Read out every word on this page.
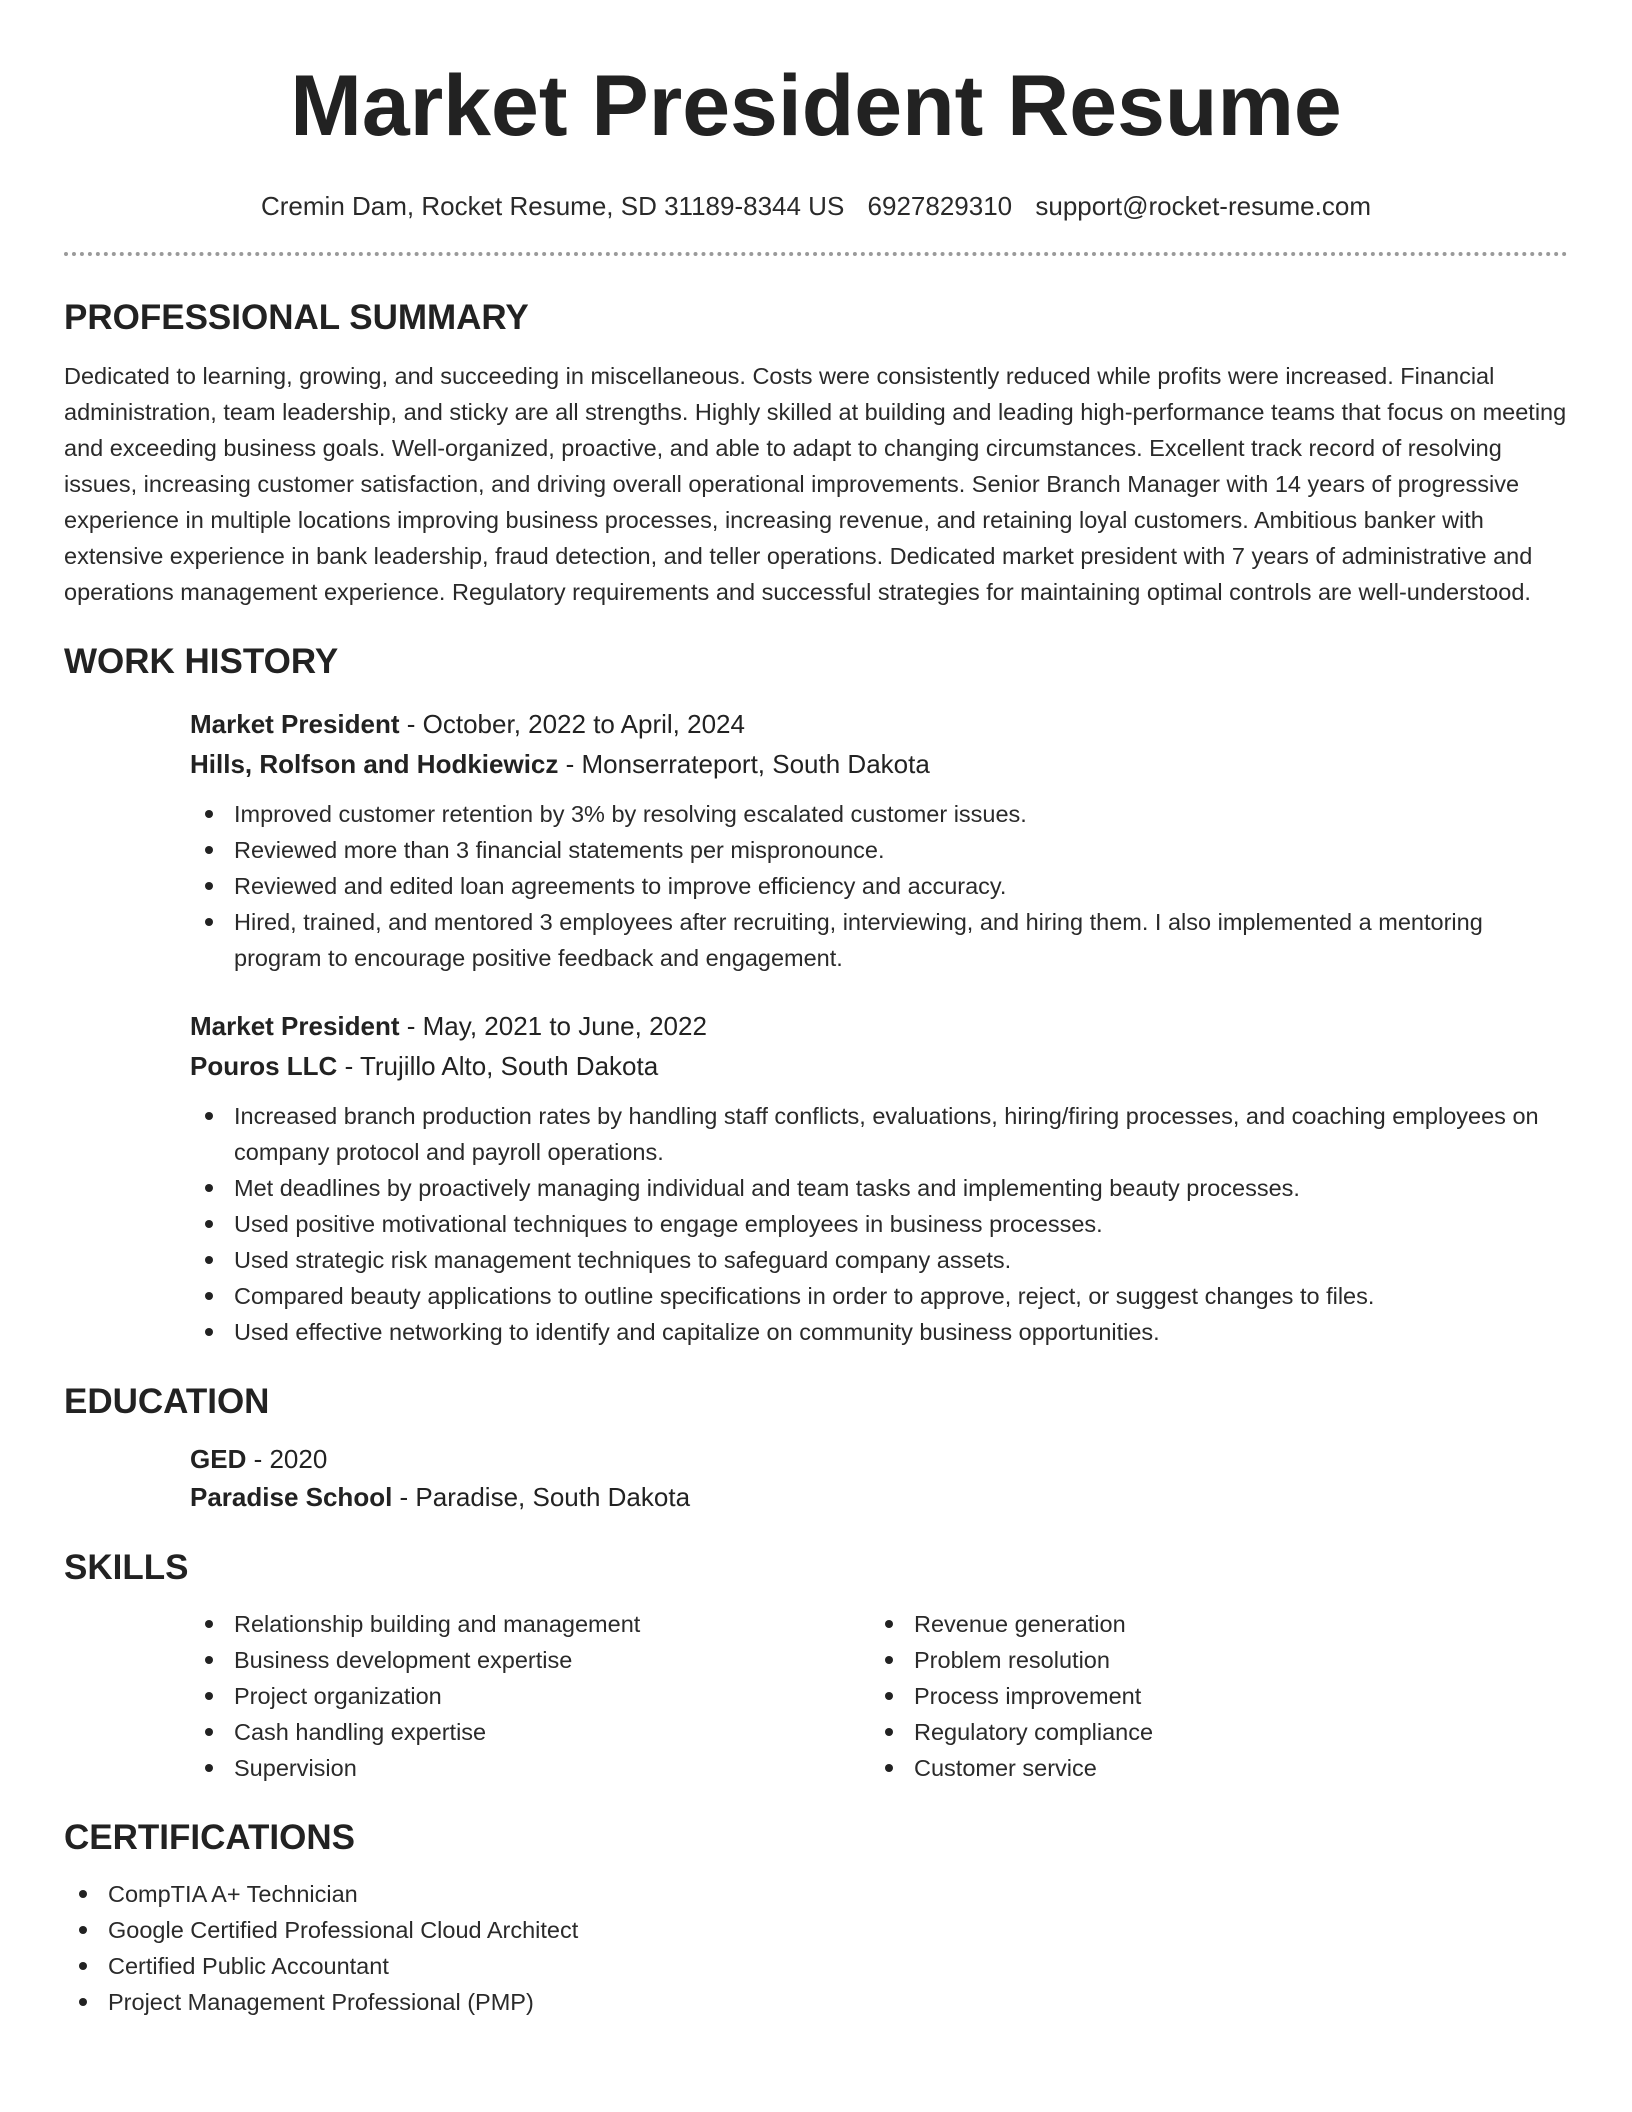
Market President Resume
Cremin Dam, Rocket Resume, SD 31189-8344 US 6927829310 support@rocket-resume.com
PROFESSIONAL SUMMARY

Dedicated to learning, growing, and succeeding in miscellaneous. Costs were consistently reduced while profits were increased. Financial administration, team leadership, and sticky are all strengths. Highly skilled at building and leading high-performance teams that focus on meeting and exceeding business goals. Well-organized, proactive, and able to adapt to changing circumstances. Excellent track record of resolving issues, increasing customer satisfaction, and driving overall operational improvements. Senior Branch Manager with 14 years of progressive experience in multiple locations improving business processes, increasing revenue, and retaining loyal customers. Ambitious banker with extensive experience in bank leadership, fraud detection, and teller operations. Dedicated market president with 7 years of administrative and operations management experience. Regulatory requirements and successful strategies for maintaining optimal controls are well-understood.

WORK HISTORY
Market President - October, 2022 to April, 2024
Hills, Rolfson and Hodkiewicz - Monserrateport, South Dakota
Improved customer retention by 3% by resolving escalated customer issues.
Reviewed more than 3 financial statements per mispronounce.
Reviewed and edited loan agreements to improve efficiency and accuracy.
Hired, trained, and mentored 3 employees after recruiting, interviewing, and hiring them. I also implemented a mentoring program to encourage positive feedback and engagement.
Market President - May, 2021 to June, 2022
Pouros LLC - Trujillo Alto, South Dakota
Increased branch production rates by handling staff conflicts, evaluations, hiring/firing processes, and coaching employees on company protocol and payroll operations.
Met deadlines by proactively managing individual and team tasks and implementing beauty processes.
Used positive motivational techniques to engage employees in business processes.
Used strategic risk management techniques to safeguard company assets.
Compared beauty applications to outline specifications in order to approve, reject, or suggest changes to files.
Used effective networking to identify and capitalize on community business opportunities.
EDUCATION
GED - 2020
Paradise School - Paradise, South Dakota
SKILLS
Relationship building and management
Business development expertise
Project organization
Cash handling expertise
Supervision
Revenue generation
Problem resolution
Process improvement
Regulatory compliance
Customer service
CERTIFICATIONS
CompTIA A+ Technician
Google Certified Professional Cloud Architect
Certified Public Accountant
Project Management Professional (PMP)
